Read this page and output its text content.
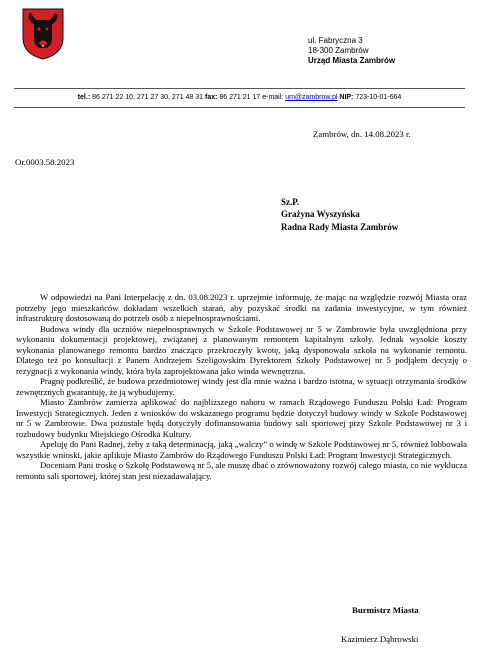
ul. Fabryczna 3
18-300 Zambrów
Urząd Miasta Zambrów
tel.: 86 271 22 10, 271 27 30, 271 48 31 fax: 86 271 21 17 e-mail: um@zambrow.pl NIP: 723-10-01-664
Zambrów, dn. 14.08.2023 r.
Or.0003.58.2023
Sz.P.
Grażyna Wyszyńska
Radna Rady Miasta Zambrów

W odpowiedzi na Pani Interpelację z dn. 03.08.2023 r. uprzejmie informuję, że mając na względzie rozwój Miasta oraz potrzeby jego mieszkańców dokładam wszelkich starań, aby pozyskać środki na zadania inwestycyjne, w tym również infrastrukturę dostosowaną do potrzeb osób z niepełnosprawnościami.

Budowa windy dla uczniów niepełnosprawnych w Szkole Podstawowej nr 5 w Zambrowie była uwzględniona przy wykonaniu dokumentacji projektowej, związanej z planowanym remontem kapitalnym szkoły. Jednak wysokie koszty wykonania planowanego remontu bardzo znacząco przekroczyły kwotę, jaką dysponowała szkoła na wykonanie remontu. Dlatego też po konsultacji z Panem Andrzejem Szeligowskim Dyrektorem Szkoły Podstawowej nr 5 podjąłem decyzję o rezygnacji z wykonania windy, która była zaprojektowana jako winda wewnętrzna.

Pragnę podkreślić, że budowa przedmiotowej windy jest dla mnie ważna i bardzo istotna, w sytuacji otrzymania środków zewnętrznych gwarantuję, że ją wybudujemy.

Miasto Zambrów zamierza aplikować do najbliższego naboru w ramach Rządowego Funduszu Polski Ład: Program Inwestycji Strategicznych. Jeden z wniosków do wskazanego programu będzie dotyczył budowy windy w Szkole Podstawowej nr 5 w Zambrowie. Dwa pozostałe będą dotyczyły dofinansowania budowy sali sportowej przy Szkole Podstawowej nr 3 i rozbudowy budynku Miejskiego Ośrodka Kultury.

Apeluję do Pani Radnej, żeby z taką determinacją, jaką „walczy” o windę w Szkole Podstawowej nr 5, również lobbowała wszystkie wnioski, jakie aplikuje Miasto Zambrów do Rządowego Funduszu Polski Ład: Program Inwestycji Strategicznych.

Doceniam Pani troskę o Szkołę Podstawową nr 5, ale muszę dbać o zrównoważony rozwój całego miasta, co nie wyklucza remontu sali sportowej, której stan jest niezadawalający.

Burmistrz Miasta
Kazimierz Dąbrowski
